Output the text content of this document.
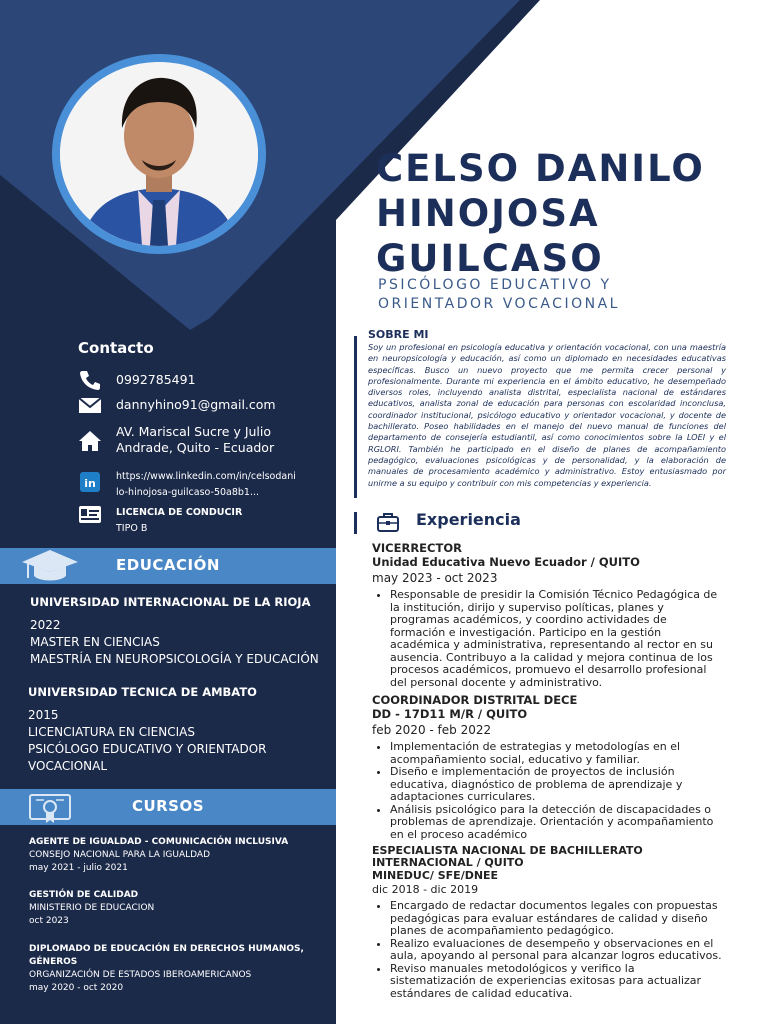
CELSO DANILO
HINOJOSA
GUILCASO
PSICÓLOGO EDUCATIVO Y
ORIENTADOR VOCACIONAL
Contacto
0992785491
dannyhino91@gmail.com
AV. Mariscal Sucre y Julio
Andrade, Quito - Ecuador
in
https://www.linkedin.com/in/celsodani
lo-hinojosa-guilcaso-50a8b1...
LICENCIA DE CONDUCIR
TIPO B
EDUCACIÓN
UNIVERSIDAD INTERNACIONAL DE LA RIOJA
2022
MASTER EN CIENCIAS
MAESTRÍA EN NEUROPSICOLOGÍA Y EDUCACIÓN
UNIVERSIDAD TECNICA DE AMBATO
2015
LICENCIATURA EN CIENCIAS
PSICÓLOGO EDUCATIVO Y ORIENTADOR
VOCACIONAL
CURSOS
AGENTE DE IGUALDAD - COMUNICACIÓN INCLUSIVA
CONSEJO NACIONAL PARA LA IGUALDAD
may 2021 - julio 2021
GESTIÓN DE CALIDAD
MINISTERIO DE EDUCACION
oct 2023
DIPLOMADO DE EDUCACIÓN EN DERECHOS HUMANOS, GÉNEROS
ORGANIZACIÓN DE ESTADOS IBEROAMERICANOS
may 2020 - oct 2020
SOBRE MI
Soy un profesional en psicología educativa y orientación vocacional, con una maestría en neuropsicología y educación, así como un diplomado en necesidades educativas específicas. Busco un nuevo proyecto que me permita crecer personal y profesionalmente. Durante mi experiencia en el ámbito educativo, he desempeñado diversos roles, incluyendo analista distrital, especialista nacional de estándares educativos, analista zonal de educación para personas con escolaridad inconclusa, coordinador institucional, psicólogo educativo y orientador vocacional, y docente de bachillerato. Poseo habilidades en el manejo del nuevo manual de funciones del departamento de consejería estudiantil, así como conocimientos sobre la LOEI y el RGLORI. También he participado en el diseño de planes de acompañamiento pedagógico, evaluaciones psicológicas y de personalidad, y la elaboración de manuales de procesamiento académico y administrativo. Estoy entusiasmado por unirme a su equipo y contribuir con mis competencias y experiencia.
Experiencia
VICERRECTOR
Unidad Educativa Nuevo Ecuador / QUITO
may 2023 - oct 2023
• Responsable de presidir la Comisión Técnico Pedagógica de la institución, dirijo y superviso políticas, planes y programas académicos, y coordino actividades de formación e investigación. Participo en la gestión académica y administrativa, representando al rector en su ausencia. Contribuyo a la calidad y mejora continua de los procesos académicos, promuevo el desarrollo profesional del personal docente y administrativo.
COORDINADOR DISTRITAL DECE
DD - 17D11 M/R / QUITO
feb 2020 - feb 2022
• Implementación de estrategias y metodologías en el acompañamiento social, educativo y familiar.
• Diseño e implementación de proyectos de inclusión educativa, diagnóstico de problema de aprendizaje y adaptaciones curriculares.
• Análisis psicológico para la detección de discapacidades o problemas de aprendizaje. Orientación y acompañamiento en el proceso académico
ESPECIALISTA NACIONAL DE BACHILLERATO
INTERNACIONAL / QUITO
MINEDUC/ SFE/DNEE
dic 2018 - dic 2019
• Encargado de redactar documentos legales con propuestas pedagógicas para evaluar estándares de calidad y diseño planes de acompañamiento pedagógico.
• Realizo evaluaciones de desempeño y observaciones en el aula, apoyando al personal para alcanzar logros educativos.
• Reviso manuales metodológicos y verifico la sistematización de experiencias exitosas para actualizar estándares de calidad educativa.
